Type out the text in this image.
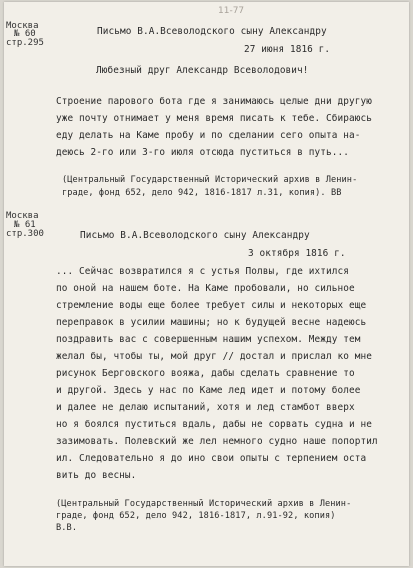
11-77
Москва
№ 60
стр.295
Письмо В.А.Всеволодского сыну Александру
27 июня 1816 г.
Любезный друг Александр Всеволодович!
Строение парового бота где я занимаюсь целые дни другую
уже почту отнимает у меня время писать к тебе. Сбираюсь
еду делать на Каме пробу и по сделании сего опыта на-
деюсь 2-го или 3-го июля отсюда пуститься в путь...
(Центральный Государственный Исторический архив в Ленин-
граде, фонд 652, дело 942, 1816-1817 л.31, копия). ВВ
Москва
№ 61
стр.300	Письмо В.А.Всеволодского сыну Александру
3 октября 1816 г.
... Сейчас возвратился я с устья Полвы, где ихтился
по оной на нашем боте. На Каме пробовали, но сильное
стремление воды еще более требует силы и некоторых еще
переправок в усилии машины; но к будущей весне надеюсь
поздравить вас с совершенным нашим успехом. Между тем
желал бы, чтобы ты, мой друг // достал и прислал ко мне
рисунок Берговского вояжа, дабы сделать сравнение то
и другой. Здесь у нас по Каме лед идет и потому более
и далее не делаю испытаний, хотя и лед стамбот вверх
но я боялся пуститься вдаль, дабы не сорвать судна и не
зазимовать. Полевский же лел немного судно наше попортил
ил. Следовательно я до ино свои опыты с терпением оста
вить до весны.
(Центральный Государственный Исторический архив в Ленин-
граде, фонд 652, дело 942, 1816-1817, л.91-92, копия)
В.В.
